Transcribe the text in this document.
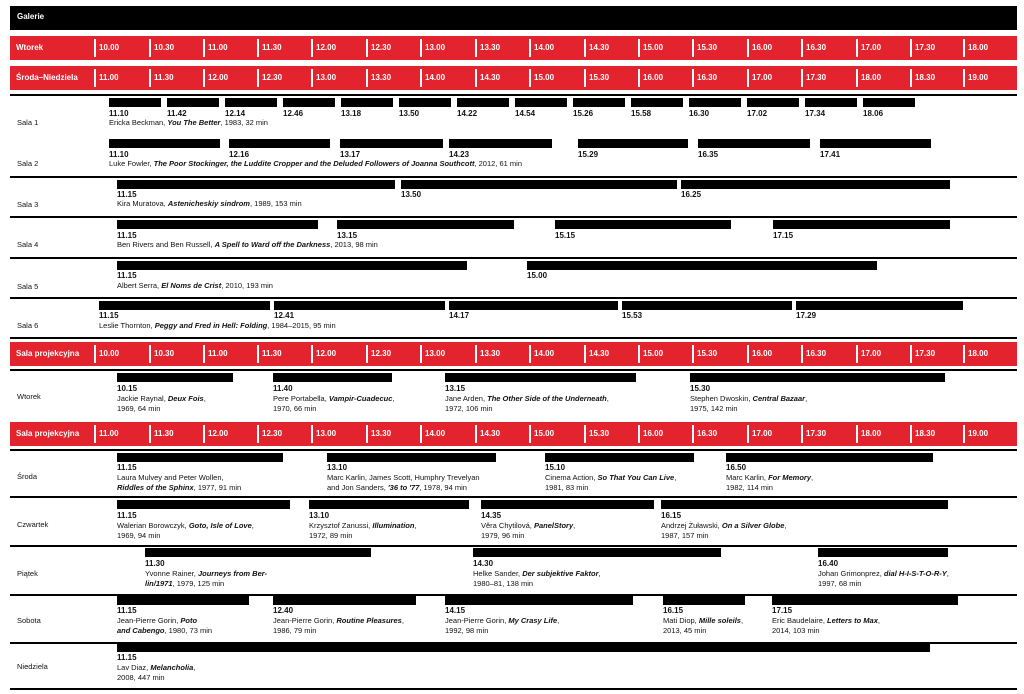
Galerie
Wtorek	10.00	10.30	11.00	11.30	12.00	12.30	13.00	13.30	14.00	14.30	15.00	15.30	16.00	16.30	17.00	17.30	18.00
Środa–Niedziela	11.00	11.30	12.00	12.30	13.00	13.30	14.00	14.30	15.00	15.30	16.00	16.30	17.00	17.30	18.00	18.30	19.00
Sala projekcyjna	10.00	10.30	11.00	11.30	12.00	12.30	13.00	13.30	14.00	14.30	15.00	15.30	16.00	16.30	17.00	17.30	18.00
Sala projekcyjna	11.00	11.30	12.00	12.30	13.00	13.30	14.00	14.30	15.00	15.30	16.00	16.30	17.00	17.30	18.00	18.30	19.00
Sala 1
11.10	11.42	12.14	12.46	13.18	13.50	14.22	14.54	15.26	15.58	16.30	17.02	17.34	18.06
Ericka Beckman, You The Better, 1983, 32 min
Sala 2
11.10	12.16	13.17	14.23	15.29	16.35	17.41
Luke Fowler, The Poor Stockinger, the Luddite Cropper and the Deluded Followers of Joanna Southcott, 2012, 61 min
Sala 3
11.15	13.50	16.25
Kira Muratova, Astenicheskiy sindrom, 1989, 153 min
Sala 4
11.15	13.15	15.15	17.15
Ben Rivers and Ben Russell, A Spell to Ward off the Darkness, 2013, 98 min
Sala 5
11.15	15.00
Albert Serra, El Noms de Crist, 2010, 193 min
Sala 6
11.15	12.41	14.17	15.53	17.29
Leslie Thornton, Peggy and Fred in Hell: Folding, 1984–2015, 95 min
Wtorek
10.15
Jackie Raynal, Deux Fois,
1969, 64 min
11.40
Pere Portabella, Vampir-Cuadecuc,
1970, 66 min
13.15
Jane Arden, The Other Side of the Underneath,
1972, 106 min
15.30
Stephen Dwoskin, Central Bazaar,
1975, 142 min
Środa
11.15
Laura Mulvey and Peter Wollen,
Riddles of the Sphinx, 1977, 91 min
13.10
Marc Karlin, James Scott, Humphry Trevelyan
and Jon Sanders, '36 to '77, 1978, 94 min
15.10
Cinema Action, So That You Can Live,
1981, 83 min
16.50
Marc Karlin, For Memory,
1982, 114 min
Czwartek
11.15
Walerian Borowczyk, Goto, Isle of Love,
1969, 94 min
13.10
Krzysztof Zanussi, Illumination,
1972, 89 min
14.35
Věra Chytilová, PanelStory,
1979, 96 min
16.15
Andrzej Żuławski, On a Silver Globe,
1987, 157 min
Piątek
11.30
Yvonne Rainer, Journeys from Ber-
lin/1971, 1979, 125 min
14.30
Helke Sander, Der subjektive Faktor,
1980–81, 138 min
16.40
Johan Grimonprez, dial H-I-S-T-O-R-Y,
1997, 68 min
Sobota
11.15
Jean-Pierre Gorin, Poto
and Cabengo, 1980, 73 min
12.40
Jean-Pierre Gorin, Routine Pleasures,
1986, 79 min
14.15
Jean-Pierre Gorin, My Crasy Life,
1992, 98 min
16.15
Mati Diop, Mille soleils,
2013, 45 min
17.15
Eric Baudelaire, Letters to Max,
2014, 103 min
Niedziela
11.15
Lav Diaz, Melancholia,
2008, 447 min
